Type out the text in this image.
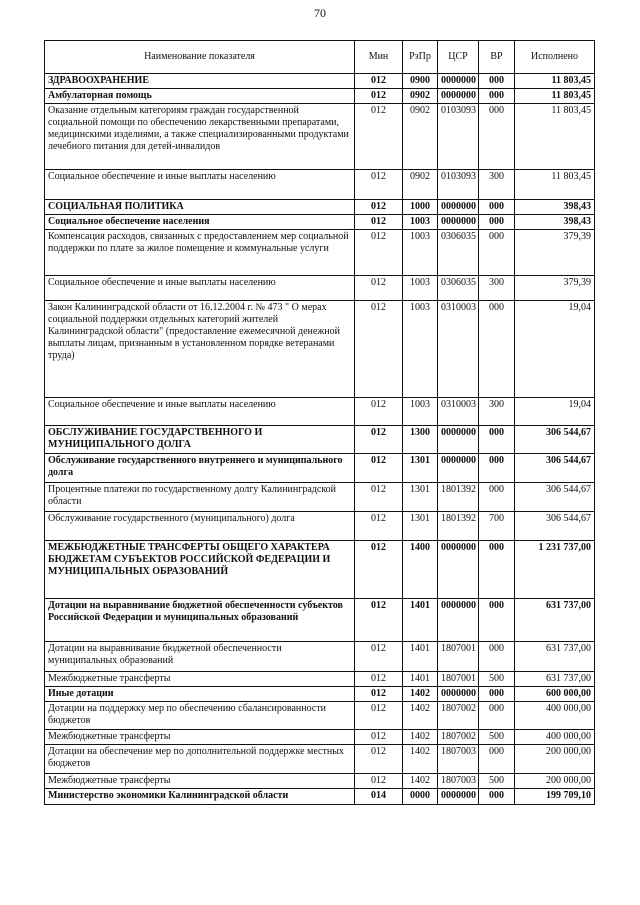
70
Наименование показателя	Мин	РзПр	ЦСР	ВР	Исполнено
ЗДРАВООХРАНЕНИЕ	012	0900	0000000	000	11 803,45
Амбулаторная помощь	012	0902	0000000	000	11 803,45
Оказание отдельным категориям граждан государственной социальной помощи по обеспечению лекарственными препаратами, медицинскими изделиями, а также специализированными продуктами лечебного питания для детей-инвалидов	012	0902	0103093	000	11 803,45
Социальное обеспечение и иные выплаты населению	012	0902	0103093	300	11 803,45
СОЦИАЛЬНАЯ ПОЛИТИКА	012	1000	0000000	000	398,43
Социальное обеспечение населения	012	1003	0000000	000	398,43
Компенсация расходов, связанных с предоставлением мер социальной поддержки по плате за жилое помещение и коммунальные услуги	012	1003	0306035	000	379,39
Социальное обеспечение и иные выплаты населению	012	1003	0306035	300	379,39
Закон Калининградской области от 16.12.2004 г. № 473 " О мерах социальной поддержки отдельных категорий жителей Калининградской области" (предоставление ежемесячной денежной выплаты лицам, признанным в установленном порядке ветеранами труда)	012	1003	0310003	000	19,04
Социальное обеспечение и иные выплаты населению	012	1003	0310003	300	19,04
ОБСЛУЖИВАНИЕ ГОСУДАРСТВЕННОГО И МУНИЦИПАЛЬНОГО ДОЛГА	012	1300	0000000	000	306 544,67
Обслуживание государственного внутреннего и муниципального долга	012	1301	0000000	000	306 544,67
Процентные платежи по государственному долгу Калининградской области	012	1301	1801392	000	306 544,67
Обслуживание государственного (муниципального) долга	012	1301	1801392	700	306 544,67
МЕЖБЮДЖЕТНЫЕ ТРАНСФЕРТЫ ОБЩЕГО ХАРАКТЕРА БЮДЖЕТАМ СУБЪЕКТОВ РОССИЙСКОЙ ФЕДЕРАЦИИ И МУНИЦИПАЛЬНЫХ ОБРАЗОВАНИЙ	012	1400	0000000	000	1 231 737,00
Дотации на выравнивание бюджетной обеспеченности субъектов Российской Федерации и муниципальных образований	012	1401	0000000	000	631 737,00
Дотации на выравнивание бюджетной обеспеченности муниципальных образований	012	1401	1807001	000	631 737,00
Межбюджетные трансферты	012	1401	1807001	500	631 737,00
Иные дотации	012	1402	0000000	000	600 000,00
Дотации на поддержку мер по обеспечению сбалансированности бюджетов	012	1402	1807002	000	400 000,00
Межбюджетные трансферты	012	1402	1807002	500	400 000,00
Дотации на обеспечение мер по дополнительной поддержке местных бюджетов	012	1402	1807003	000	200 000,00
Межбюджетные трансферты	012	1402	1807003	500	200 000,00
Министерство экономики Калининградской области	014	0000	0000000	000	199 709,10
